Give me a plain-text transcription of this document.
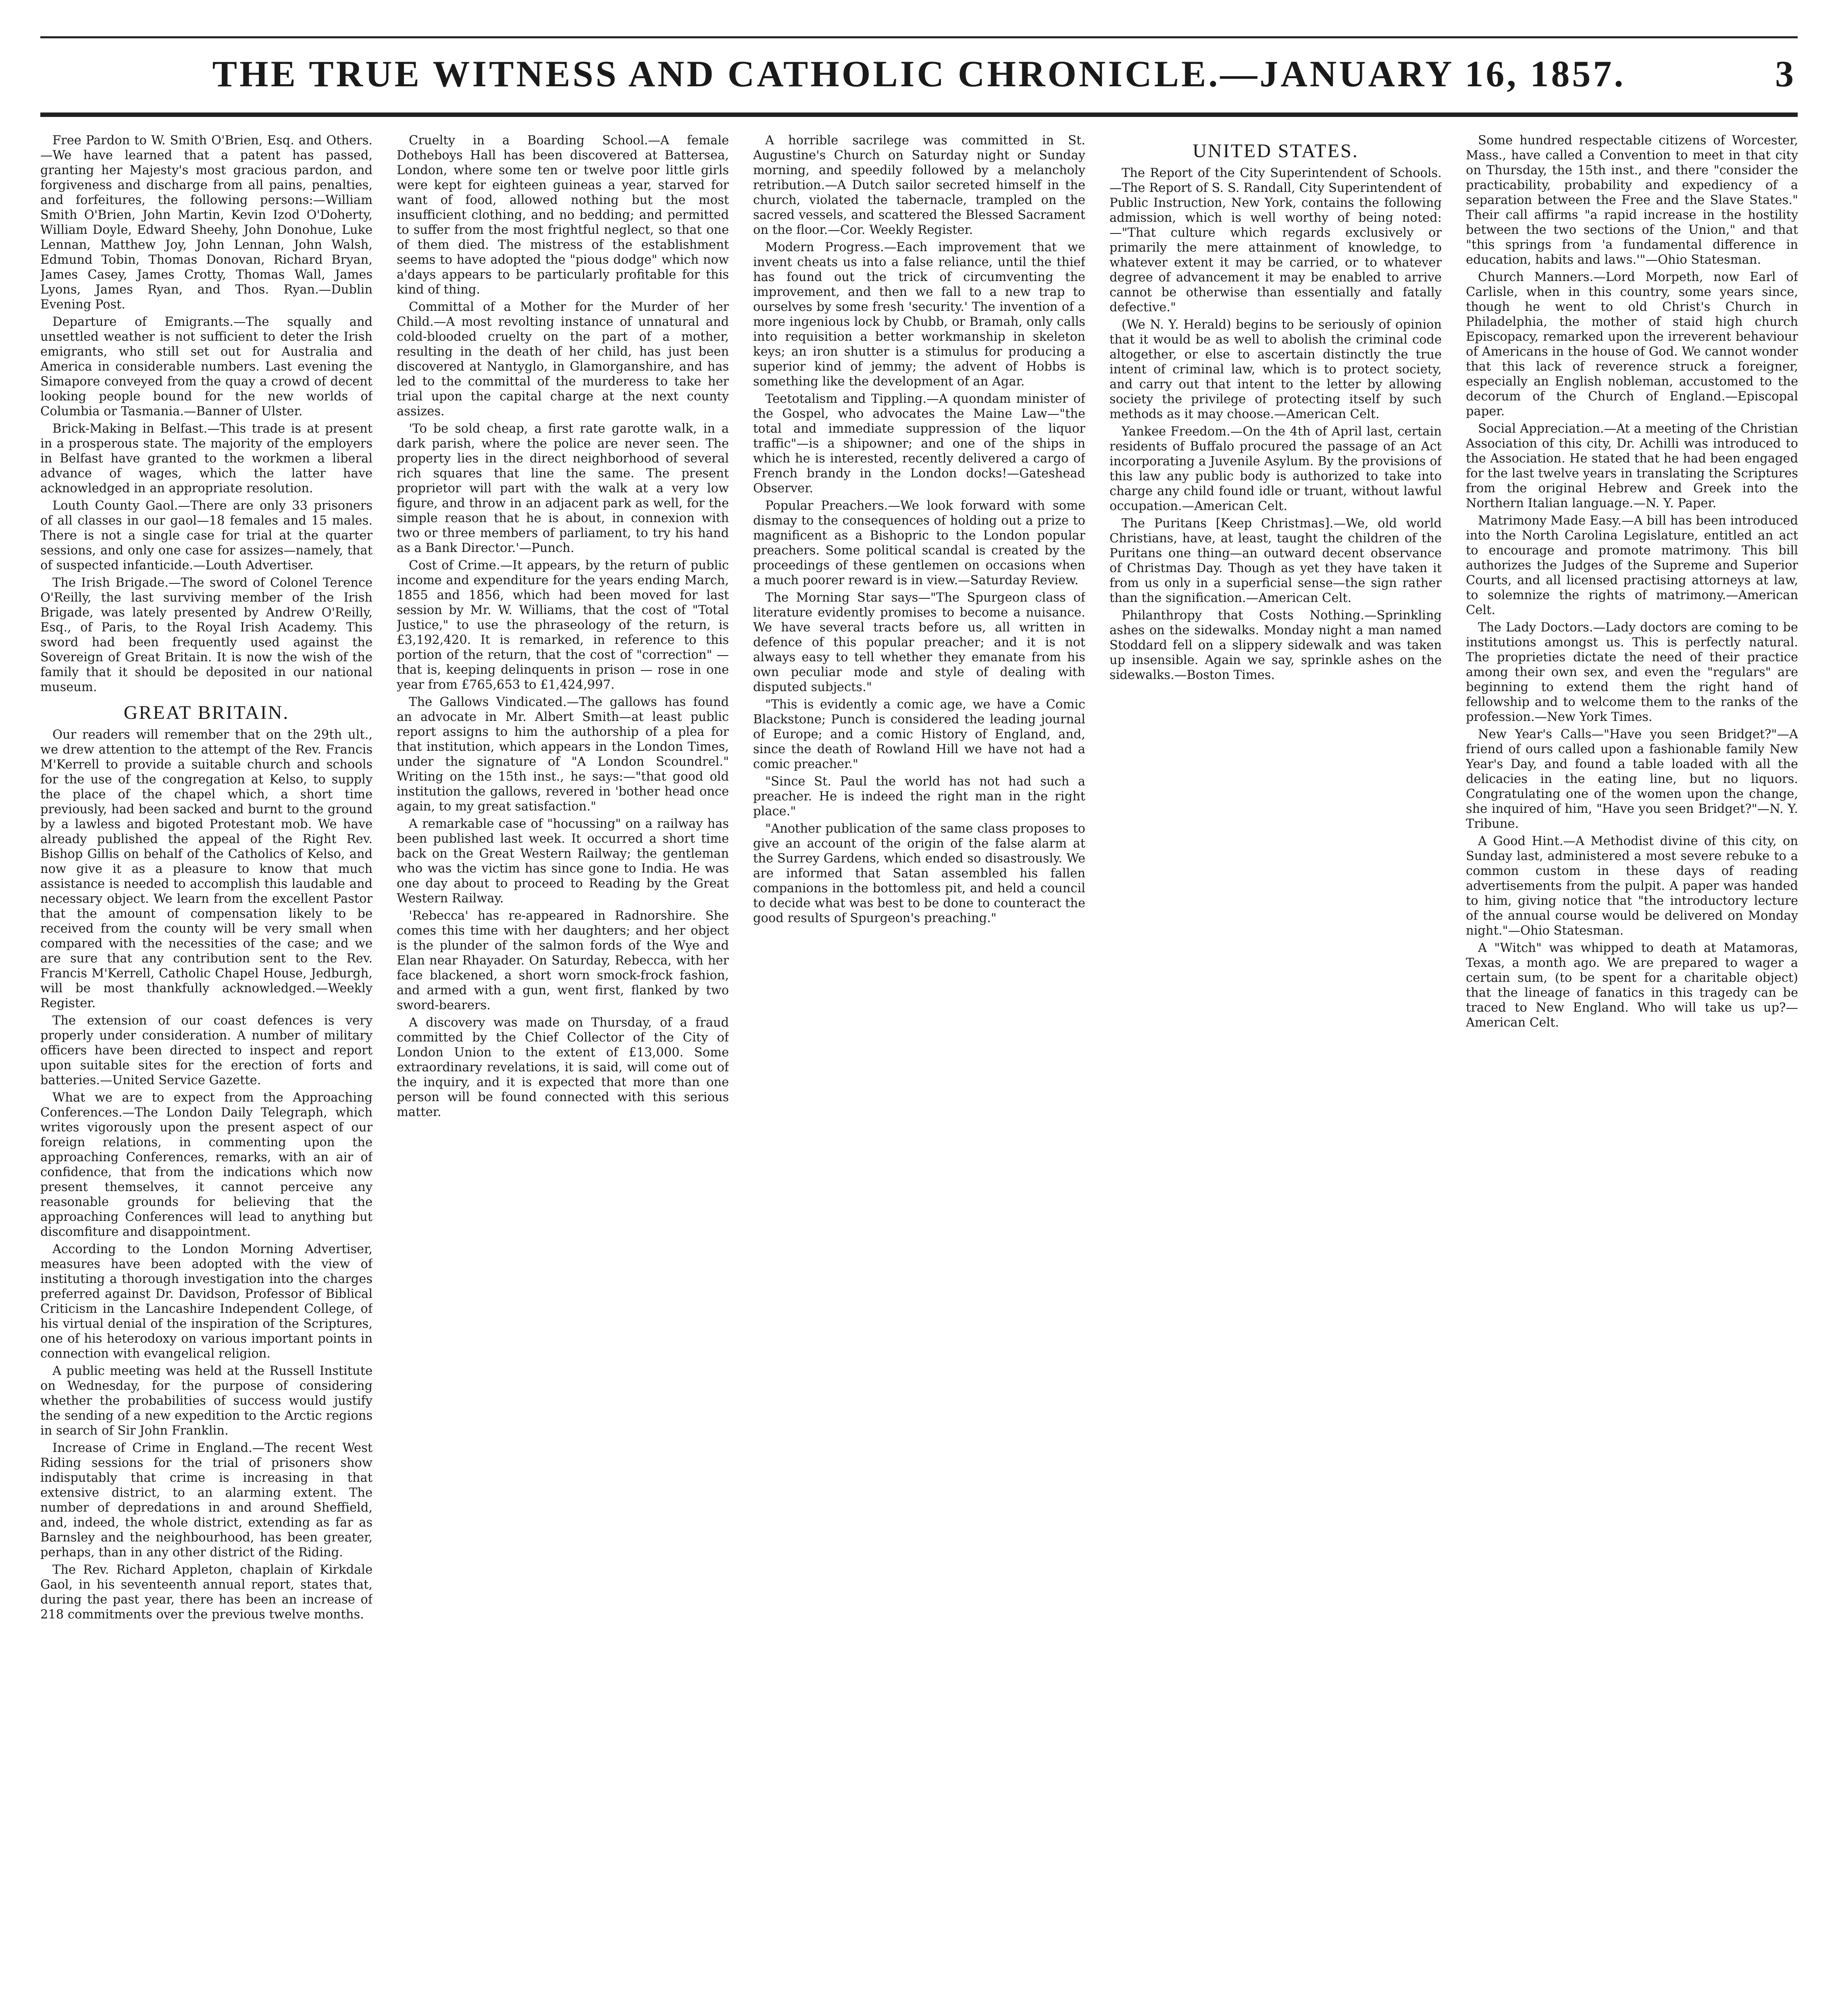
THE TRUE WITNESS AND CATHOLIC CHRONICLE.—JANUARY 16, 1857.	3

Free Pardon to W. Smith O'Brien, Esq. and Others.—We have learned that a patent has passed, granting her Majesty's most gracious pardon, and forgiveness and discharge from all pains, penalties, and forfeitures, the following persons:—William Smith O'Brien, John Martin, Kevin Izod O'Doherty, William Doyle, Edward Sheehy, John Donohue, Luke Lennan, Matthew Joy, John Lennan, John Walsh, Edmund Tobin, Thomas Donovan, Richard Bryan, James Casey, James Crotty, Thomas Wall, James Lyons, James Ryan, and Thos. Ryan.—Dublin Evening Post.

Departure of Emigrants.—The squally and unsettled weather is not sufficient to deter the Irish emigrants, who still set out for Australia and America in considerable numbers. Last evening the Simapore conveyed from the quay a crowd of decent looking people bound for the new worlds of Columbia or Tasmania.—Banner of Ulster.

Brick-Making in Belfast.—This trade is at present in a prosperous state. The majority of the employers in Belfast have granted to the workmen a liberal advance of wages, which the latter have acknowledged in an appropriate resolution.

Louth County Gaol.—There are only 33 prisoners of all classes in our gaol—18 females and 15 males. There is not a single case for trial at the quarter sessions, and only one case for assizes—namely, that of suspected infanticide.—Louth Advertiser.

The Irish Brigade.—The sword of Colonel Terence O'Reilly, the last surviving member of the Irish Brigade, was lately presented by Andrew O'Reilly, Esq., of Paris, to the Royal Irish Academy. This sword had been frequently used against the Sovereign of Great Britain. It is now the wish of the family that it should be deposited in our national museum.

GREAT BRITAIN.

Our readers will remember that on the 29th ult., we drew attention to the attempt of the Rev. Francis M'Kerrell to provide a suitable church and schools for the use of the congregation at Kelso, to supply the place of the chapel which, a short time previously, had been sacked and burnt to the ground by a lawless and bigoted Protestant mob. We have already published the appeal of the Right Rev. Bishop Gillis on behalf of the Catholics of Kelso, and now give it as a pleasure to know that much assistance is needed to accomplish this laudable and necessary object. We learn from the excellent Pastor that the amount of compensation likely to be received from the county will be very small when compared with the necessities of the case; and we are sure that any contribution sent to the Rev. Francis M'Kerrell, Catholic Chapel House, Jedburgh, will be most thankfully acknowledged.—Weekly Register.

The extension of our coast defences is very properly under consideration. A number of military officers have been directed to inspect and report upon suitable sites for the erection of forts and batteries.—United Service Gazette.

What we are to expect from the Approaching Conferences.—The London Daily Telegraph, which writes vigorously upon the present aspect of our foreign relations, in commenting upon the approaching Conferences, remarks, with an air of confidence, that from the indications which now present themselves, it cannot perceive any reasonable grounds for believing that the approaching Conferences will lead to anything but discomfiture and disappointment.

According to the London Morning Advertiser, measures have been adopted with the view of instituting a thorough investigation into the charges preferred against Dr. Davidson, Professor of Biblical Criticism in the Lancashire Independent College, of his virtual denial of the inspiration of the Scriptures, one of his heterodoxy on various important points in connection with evangelical religion.

A public meeting was held at the Russell Institute on Wednesday, for the purpose of considering whether the probabilities of success would justify the sending of a new expedition to the Arctic regions in search of Sir John Franklin.

Increase of Crime in England.—The recent West Riding sessions for the trial of prisoners show indisputably that crime is increasing in that extensive district, to an alarming extent. The number of depredations in and around Sheffield, and, indeed, the whole district, extending as far as Barnsley and the neighbourhood, has been greater, perhaps, than in any other district of the Riding.

The Rev. Richard Appleton, chaplain of Kirkdale Gaol, in his seventeenth annual report, states that, during the past year, there has been an increase of 218 commitments over the previous twelve months.

Cruelty in a Boarding School.—A female Dotheboys Hall has been discovered at Battersea, London, where some ten or twelve poor little girls were kept for eighteen guineas a year, starved for want of food, allowed nothing but the most insufficient clothing, and no bedding; and permitted to suffer from the most frightful neglect, so that one of them died. The mistress of the establishment seems to have adopted the "pious dodge" which now a'days appears to be particularly profitable for this kind of thing.

Committal of a Mother for the Murder of her Child.—A most revolting instance of unnatural and cold-blooded cruelty on the part of a mother, resulting in the death of her child, has just been discovered at Nantyglo, in Glamorganshire, and has led to the committal of the murderess to take her trial upon the capital charge at the next county assizes.

'To be sold cheap, a first rate garotte walk, in a dark parish, where the police are never seen. The property lies in the direct neighborhood of several rich squares that line the same. The present proprietor will part with the walk at a very low figure, and throw in an adjacent park as well, for the simple reason that he is about, in connexion with two or three members of parliament, to try his hand as a Bank Director.'—Punch.

Cost of Crime.—It appears, by the return of public income and expenditure for the years ending March, 1855 and 1856, which had been moved for last session by Mr. W. Williams, that the cost of "Total Justice," to use the phraseology of the return, is £3,192,420. It is remarked, in reference to this portion of the return, that the cost of "correction" — that is, keeping delinquents in prison — rose in one year from £765,653 to £1,424,997.

The Gallows Vindicated.—The gallows has found an advocate in Mr. Albert Smith—at least public report assigns to him the authorship of a plea for that institution, which appears in the London Times, under the signature of "A London Scoundrel." Writing on the 15th inst., he says:—"that good old institution the gallows, revered in 'bother head once again, to my great satisfaction."

A remarkable case of "hocussing" on a railway has been published last week. It occurred a short time back on the Great Western Railway; the gentleman who was the victim has since gone to India. He was one day about to proceed to Reading by the Great Western Railway.

'Rebecca' has re-appeared in Radnorshire. She comes this time with her daughters; and her object is the plunder of the salmon fords of the Wye and Elan near Rhayader. On Saturday, Rebecca, with her face blackened, a short worn smock-frock fashion, and armed with a gun, went first, flanked by two sword-bearers.

A discovery was made on Thursday, of a fraud committed by the Chief Collector of the City of London Union to the extent of £13,000. Some extraordinary revelations, it is said, will come out of the inquiry, and it is expected that more than one person will be found connected with this serious matter.

A horrible sacrilege was committed in St. Augustine's Church on Saturday night or Sunday morning, and speedily followed by a melancholy retribution.—A Dutch sailor secreted himself in the church, violated the tabernacle, trampled on the sacred vessels, and scattered the Blessed Sacrament on the floor.—Cor. Weekly Register.

Modern Progress.—Each improvement that we invent cheats us into a false reliance, until the thief has found out the trick of circumventing the improvement, and then we fall to a new trap to ourselves by some fresh 'security.' The invention of a more ingenious lock by Chubb, or Bramah, only calls into requisition a better workmanship in skeleton keys; an iron shutter is a stimulus for producing a superior kind of jemmy; the advent of Hobbs is something like the development of an Agar.

Teetotalism and Tippling.—A quondam minister of the Gospel, who advocates the Maine Law—"the total and immediate suppression of the liquor traffic"—is a shipowner; and one of the ships in which he is interested, recently delivered a cargo of French brandy in the London docks!—Gateshead Observer.

Popular Preachers.—We look forward with some dismay to the consequences of holding out a prize to magnificent as a Bishopric to the London popular preachers. Some political scandal is created by the proceedings of these gentlemen on occasions when a much poorer reward is in view.—Saturday Review.

The Morning Star says—"The Spurgeon class of literature evidently promises to become a nuisance. We have several tracts before us, all written in defence of this popular preacher; and it is not always easy to tell whether they emanate from his own peculiar mode and style of dealing with disputed subjects."

"This is evidently a comic age, we have a Comic Blackstone; Punch is considered the leading journal of Europe; and a comic History of England, and, since the death of Rowland Hill we have not had a comic preacher."

"Since St. Paul the world has not had such a preacher. He is indeed the right man in the right place."

"Another publication of the same class proposes to give an account of the origin of the false alarm at the Surrey Gardens, which ended so disastrously. We are informed that Satan assembled his fallen companions in the bottomless pit, and held a council to decide what was best to be done to counteract the good results of Spurgeon's preaching."

UNITED STATES.

The Report of the City Superintendent of Schools.—The Report of S. S. Randall, City Superintendent of Public Instruction, New York, contains the following admission, which is well worthy of being noted:—"That culture which regards exclusively or primarily the mere attainment of knowledge, to whatever extent it may be carried, or to whatever degree of advancement it may be enabled to arrive cannot be otherwise than essentially and fatally defective."

(We N. Y. Herald) begins to be seriously of opinion that it would be as well to abolish the criminal code altogether, or else to ascertain distinctly the true intent of criminal law, which is to protect society, and carry out that intent to the letter by allowing society the privilege of protecting itself by such methods as it may choose.—American Celt.

Yankee Freedom.—On the 4th of April last, certain residents of Buffalo procured the passage of an Act incorporating a Juvenile Asylum. By the provisions of this law any public body is authorized to take into charge any child found idle or truant, without lawful occupation.—American Celt.

The Puritans [Keep Christmas].—We, old world Christians, have, at least, taught the children of the Puritans one thing—an outward decent observance of Christmas Day. Though as yet they have taken it from us only in a superficial sense—the sign rather than the signification.—American Celt.

Philanthropy that Costs Nothing.—Sprinkling ashes on the sidewalks. Monday night a man named Stoddard fell on a slippery sidewalk and was taken up insensible. Again we say, sprinkle ashes on the sidewalks.—Boston Times.

Some hundred respectable citizens of Worcester, Mass., have called a Convention to meet in that city on Thursday, the 15th inst., and there "consider the practicability, probability and expediency of a separation between the Free and the Slave States." Their call affirms "a rapid increase in the hostility between the two sections of the Union," and that "this springs from 'a fundamental difference in education, habits and laws.'"—Ohio Statesman.

Church Manners.—Lord Morpeth, now Earl of Carlisle, when in this country, some years since, though he went to old Christ's Church in Philadelphia, the mother of staid high church Episcopacy, remarked upon the irreverent behaviour of Americans in the house of God. We cannot wonder that this lack of reverence struck a foreigner, especially an English nobleman, accustomed to the decorum of the Church of England.—Episcopal paper.

Social Appreciation.—At a meeting of the Christian Association of this city, Dr. Achilli was introduced to the Association. He stated that he had been engaged for the last twelve years in translating the Scriptures from the original Hebrew and Greek into the Northern Italian language.—N. Y. Paper.

Matrimony Made Easy.—A bill has been introduced into the North Carolina Legislature, entitled an act to encourage and promote matrimony. This bill authorizes the Judges of the Supreme and Superior Courts, and all licensed practising attorneys at law, to solemnize the rights of matrimony.—American Celt.

The Lady Doctors.—Lady doctors are coming to be institutions amongst us. This is perfectly natural. The proprieties dictate the need of their practice among their own sex, and even the "regulars" are beginning to extend them the right hand of fellowship and to welcome them to the ranks of the profession.—New York Times.

New Year's Calls—"Have you seen Bridget?"—A friend of ours called upon a fashionable family New Year's Day, and found a table loaded with all the delicacies in the eating line, but no liquors. Congratulating one of the women upon the change, she inquired of him, "Have you seen Bridget?"—N. Y. Tribune.

A Good Hint.—A Methodist divine of this city, on Sunday last, administered a most severe rebuke to a common custom in these days of reading advertisements from the pulpit. A paper was handed to him, giving notice that "the introductory lecture of the annual course would be delivered on Monday night."—Ohio Statesman.

A "Witch" was whipped to death at Matamoras, Texas, a month ago. We are prepared to wager a certain sum, (to be spent for a charitable object) that the lineage of fanatics in this tragedy can be traced to New England. Who will take us up?—American Celt.
